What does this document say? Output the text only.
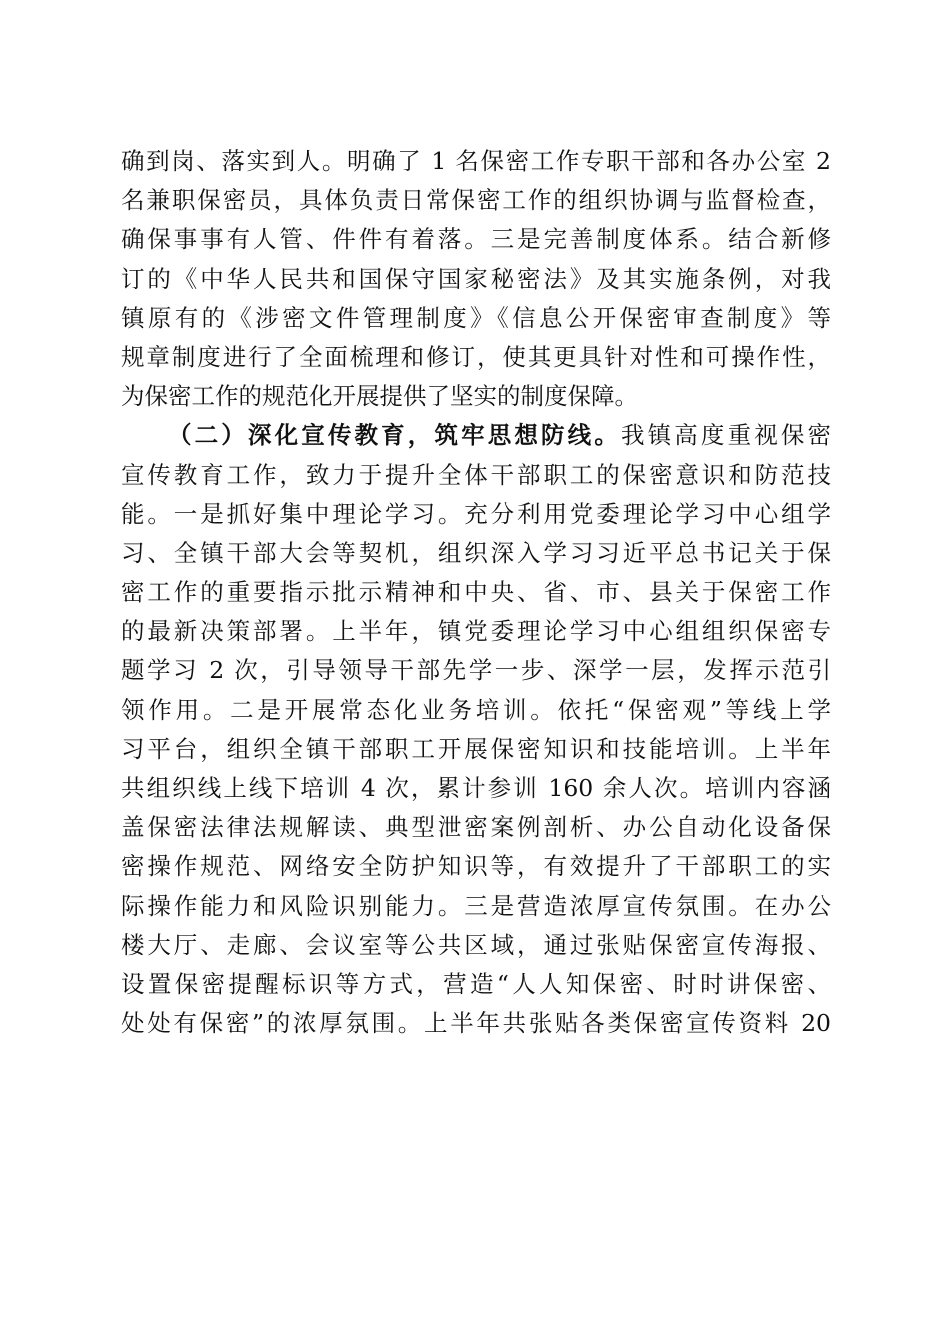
确到岗、落实到人。明确了 1 名保密工作专职干部和各办公室 2
名兼职保密员，具体负责日常保密工作的组织协调与监督检查，
确保事事有人管、件件有着落。三是完善制度体系。结合新修
订的《中华人民共和国保守国家秘密法》及其实施条例，对我
镇原有的《涉密文件管理制度》《信息公开保密审查制度》等
规章制度进行了全面梳理和修订，使其更具针对性和可操作性，
为保密工作的规范化开展提供了坚实的制度保障。
（二）深化宣传教育，筑牢思想防线。我镇高度重视保密
宣传教育工作，致力于提升全体干部职工的保密意识和防范技
能。一是抓好集中理论学习。充分利用党委理论学习中心组学
习、全镇干部大会等契机，组织深入学习习近平总书记关于保
密工作的重要指示批示精神和中央、省、市、县关于保密工作
的最新决策部署。上半年，镇党委理论学习中心组组织保密专
题学习 2 次，引导领导干部先学一步、深学一层，发挥示范引
领作用。二是开展常态化业务培训。依托“保密观”等线上学
习平台，组织全镇干部职工开展保密知识和技能培训。上半年
共组织线上线下培训 4 次，累计参训 160 余人次。培训内容涵
盖保密法律法规解读、典型泄密案例剖析、办公自动化设备保
密操作规范、网络安全防护知识等，有效提升了干部职工的实
际操作能力和风险识别能力。三是营造浓厚宣传氛围。在办公
楼大厅、走廊、会议室等公共区域，通过张贴保密宣传海报、
设置保密提醒标识等方式，营造“人人知保密、时时讲保密、
处处有保密”的浓厚氛围。上半年共张贴各类保密宣传资料 20
